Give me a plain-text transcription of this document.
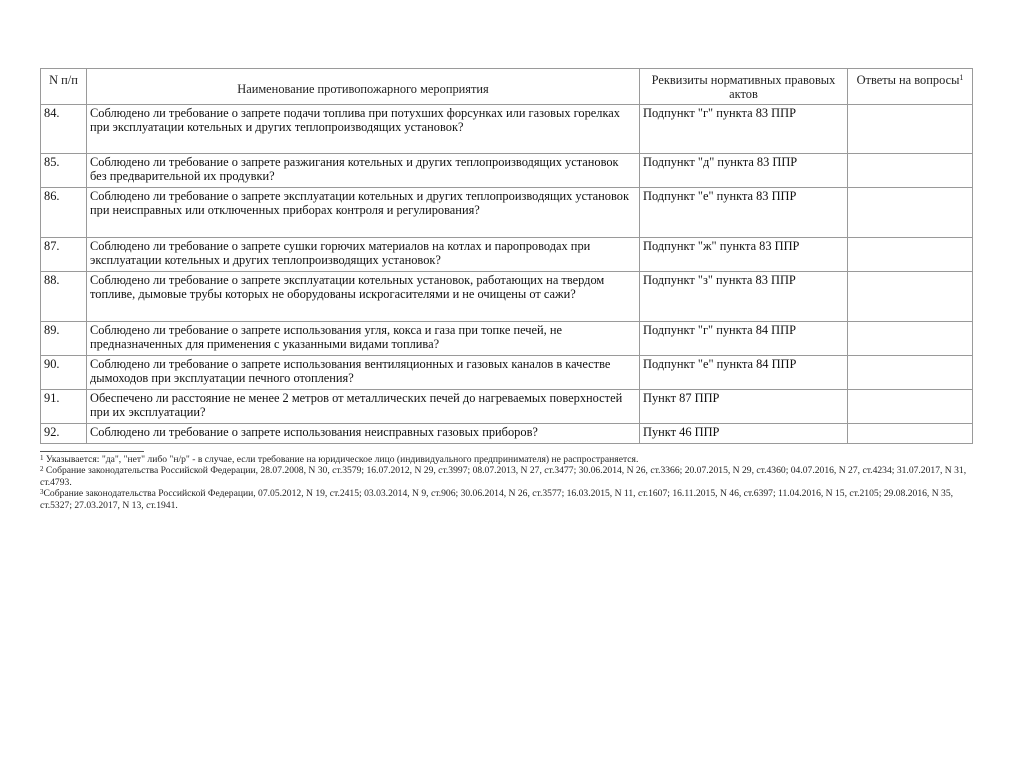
N п/п	Наименование противопожарного мероприятия	Реквизиты нормативных правовых актов	Ответы на вопросы$^1$
84.	Соблюдено ли требование о запрете подачи топлива при потухших форсунках или газовых горелках при эксплуатации котельных и других теплопроизводящих установок?	Подпункт "г" пункта 83 ППР	
85.	Соблюдено ли требование о запрете разжигания котельных и других теплопроизводящих установок без предварительной их продувки?	Подпункт "д" пункта 83 ППР	
86.	Соблюдено ли требование о запрете эксплуатации котельных и других теплопроизводящих установок при неисправных или отключенных приборах контроля и регулирования?	Подпункт "е" пункта 83 ППР	
87.	Соблюдено ли требование о запрете сушки горючих материалов на котлах и паропроводах при эксплуатации котельных и других теплопроизводящих установок?	Подпункт "ж" пункта 83 ППР	
88.	Соблюдено ли требование о запрете эксплуатации котельных установок, работающих на твердом топливе, дымовые трубы которых не оборудованы искрогасителями и не очищены от сажи?	Подпункт "з" пункта 83 ППР	
89.	Соблюдено ли требование о запрете использования угля, кокса и газа при топке печей, не предназначенных для применения с указанными видами топлива?	Подпункт "г" пункта 84 ППР	
90.	Соблюдено ли требование о запрете использования вентиляционных и газовых каналов в качестве дымоходов при эксплуатации печного отопления?	Подпункт "е" пункта 84 ППР	
91.	Обеспечено ли расстояние не менее 2 метров от металлических печей до нагреваемых поверхностей при их эксплуатации?	Пункт 87 ППР	
92.	Соблюдено ли требование о запрете использования неисправных газовых приборов?	Пункт 46 ППР	
$^1$ Указывается: "да", "нет" либо "н/р" - в случае, если требование на юридическое лицо (индивидуального предпринимателя) не распространяется.
$^2$ Собрание законодательства Российской Федерации, 28.07.2008, N 30, ст.3579; 16.07.2012, N 29, ст.3997; 08.07.2013, N 27, ст.3477; 30.06.2014, N 26, ст.3366; 20.07.2015, N 29, ст.4360; 04.07.2016, N 27, ст.4234; 31.07.2017, N 31, ст.4793.
$^3$Собрание законодательства Российской Федерации, 07.05.2012, N 19, ст.2415; 03.03.2014, N 9, ст.906; 30.06.2014, N 26, ст.3577; 16.03.2015, N 11, ст.1607; 16.11.2015, N 46, ст.6397; 11.04.2016, N 15, ст.2105; 29.08.2016, N 35, ст.5327; 27.03.2017, N 13, ст.1941.
